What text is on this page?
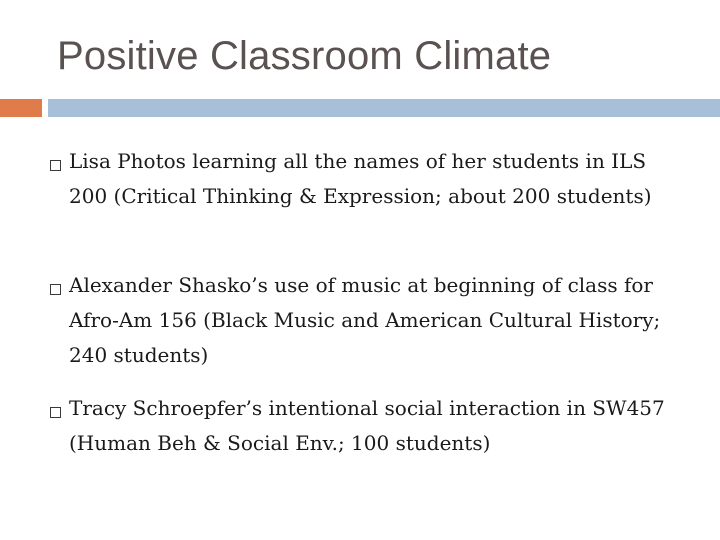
Positive Classroom Climate
Lisa Photos learning all the names of her students in ILS 200 (Critical Thinking & Expression; about 200 students)
Alexander Shasko’s use of music at beginning of class for Afro-Am 156 (Black Music and American Cultural History; 240 students)
Tracy Schroepfer’s intentional social interaction in SW457 (Human Beh & Social Env.; 100 students)
